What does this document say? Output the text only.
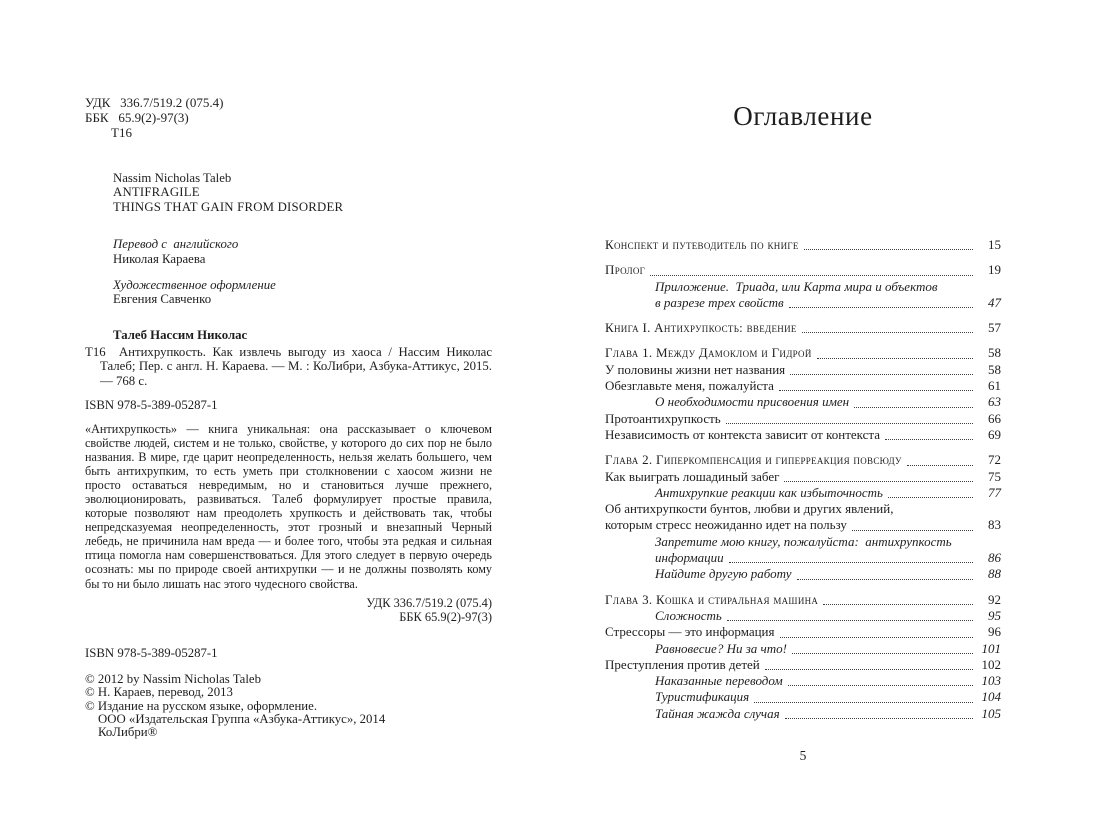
УДК   336.7/519.2 (075.4)
ББК   65.9(2)-97(3)
Т16
Nassim Nicholas Taleb
ANTIFRAGILE
THINGS THAT GAIN FROM DISORDER
Перевод с  английского
Николая Караева
Художественное оформление
Евгения Савченко
Талеб Нассим Николас

Т16 Антихрупкость. Как извлечь выгоду из хаоса / Нассим Николас Талеб; Пер. с англ. Н. Караева. — М. : КоЛибри, Азбука-Аттикус, 2015. — 768 с.

ISBN 978-5-389-05287-1

«Антихрупкость» — книга уникальная: она рассказывает о ключевом свойстве людей, систем и не только, свойстве, у которого до сих пор не было названия. В мире, где царит неопределенность, нельзя желать большего, чем быть антихрупким, то есть уметь при столкновении с хаосом жизни не просто оставаться невредимым, но и становиться лучше прежнего, эволюционировать, развиваться. Талеб формулирует простые правила, которые позволяют нам преодолеть хрупкость и действовать так, чтобы непредсказуемая неопределенность, этот грозный и внезапный Черный лебедь, не причинила нам вреда — и более того, чтобы эта редкая и сильная птица помогла нам совершенствоваться. Для этого следует в первую очередь осознать: мы по природе своей антихрупки — и не должны позволять кому бы то ни было лишать нас этого чудесного свойства.

УДК 336.7/519.2 (075.4)
ББК 65.9(2)-97(3)
ISBN 978-5-389-05287-1
© 2012 by Nassim Nicholas Taleb
© Н. Караев, перевод, 2013
© Издание на русском языке, оформление.
ООО «Издательская Группа «Азбука-Аттикус», 2014
КоЛибри®
Оглавление
Конспект и путеводитель по книге	15
Пролог	19
Приложение.  Триада, или Карта мира и объектов
в разрезе трех свойств	47
Книга I. Антихрупкость: введение	57
Глава 1. Между Дамоклом и Гидрой	58
У половины жизни нет названия	58
Обезглавьте меня, пожалуйста	61
О необходимости присвоения имен	63
Протоантихрупкость	66
Независимость от контекста зависит от контекста	69
Глава 2. Гиперкомпенсация и гиперреакция повсюду	72
Как выиграть лошадиный забег	75
Антихрупкие реакции как избыточность	77
Об антихрупкости бунтов, любви и других явлений,
которым стресс неожиданно идет на пользу	83
Запретите мою книгу, пожалуйста:  антихрупкость
информации	86
Найдите другую работу	88
Глава 3. Кошка и стиральная машина	92
Сложность	95
Стрессоры — это информация	96
Равновесие? Ни за что!	101
Преступления против детей	102
Наказанные переводом	103
Туристификация	104
Тайная жажда случая	105
5
